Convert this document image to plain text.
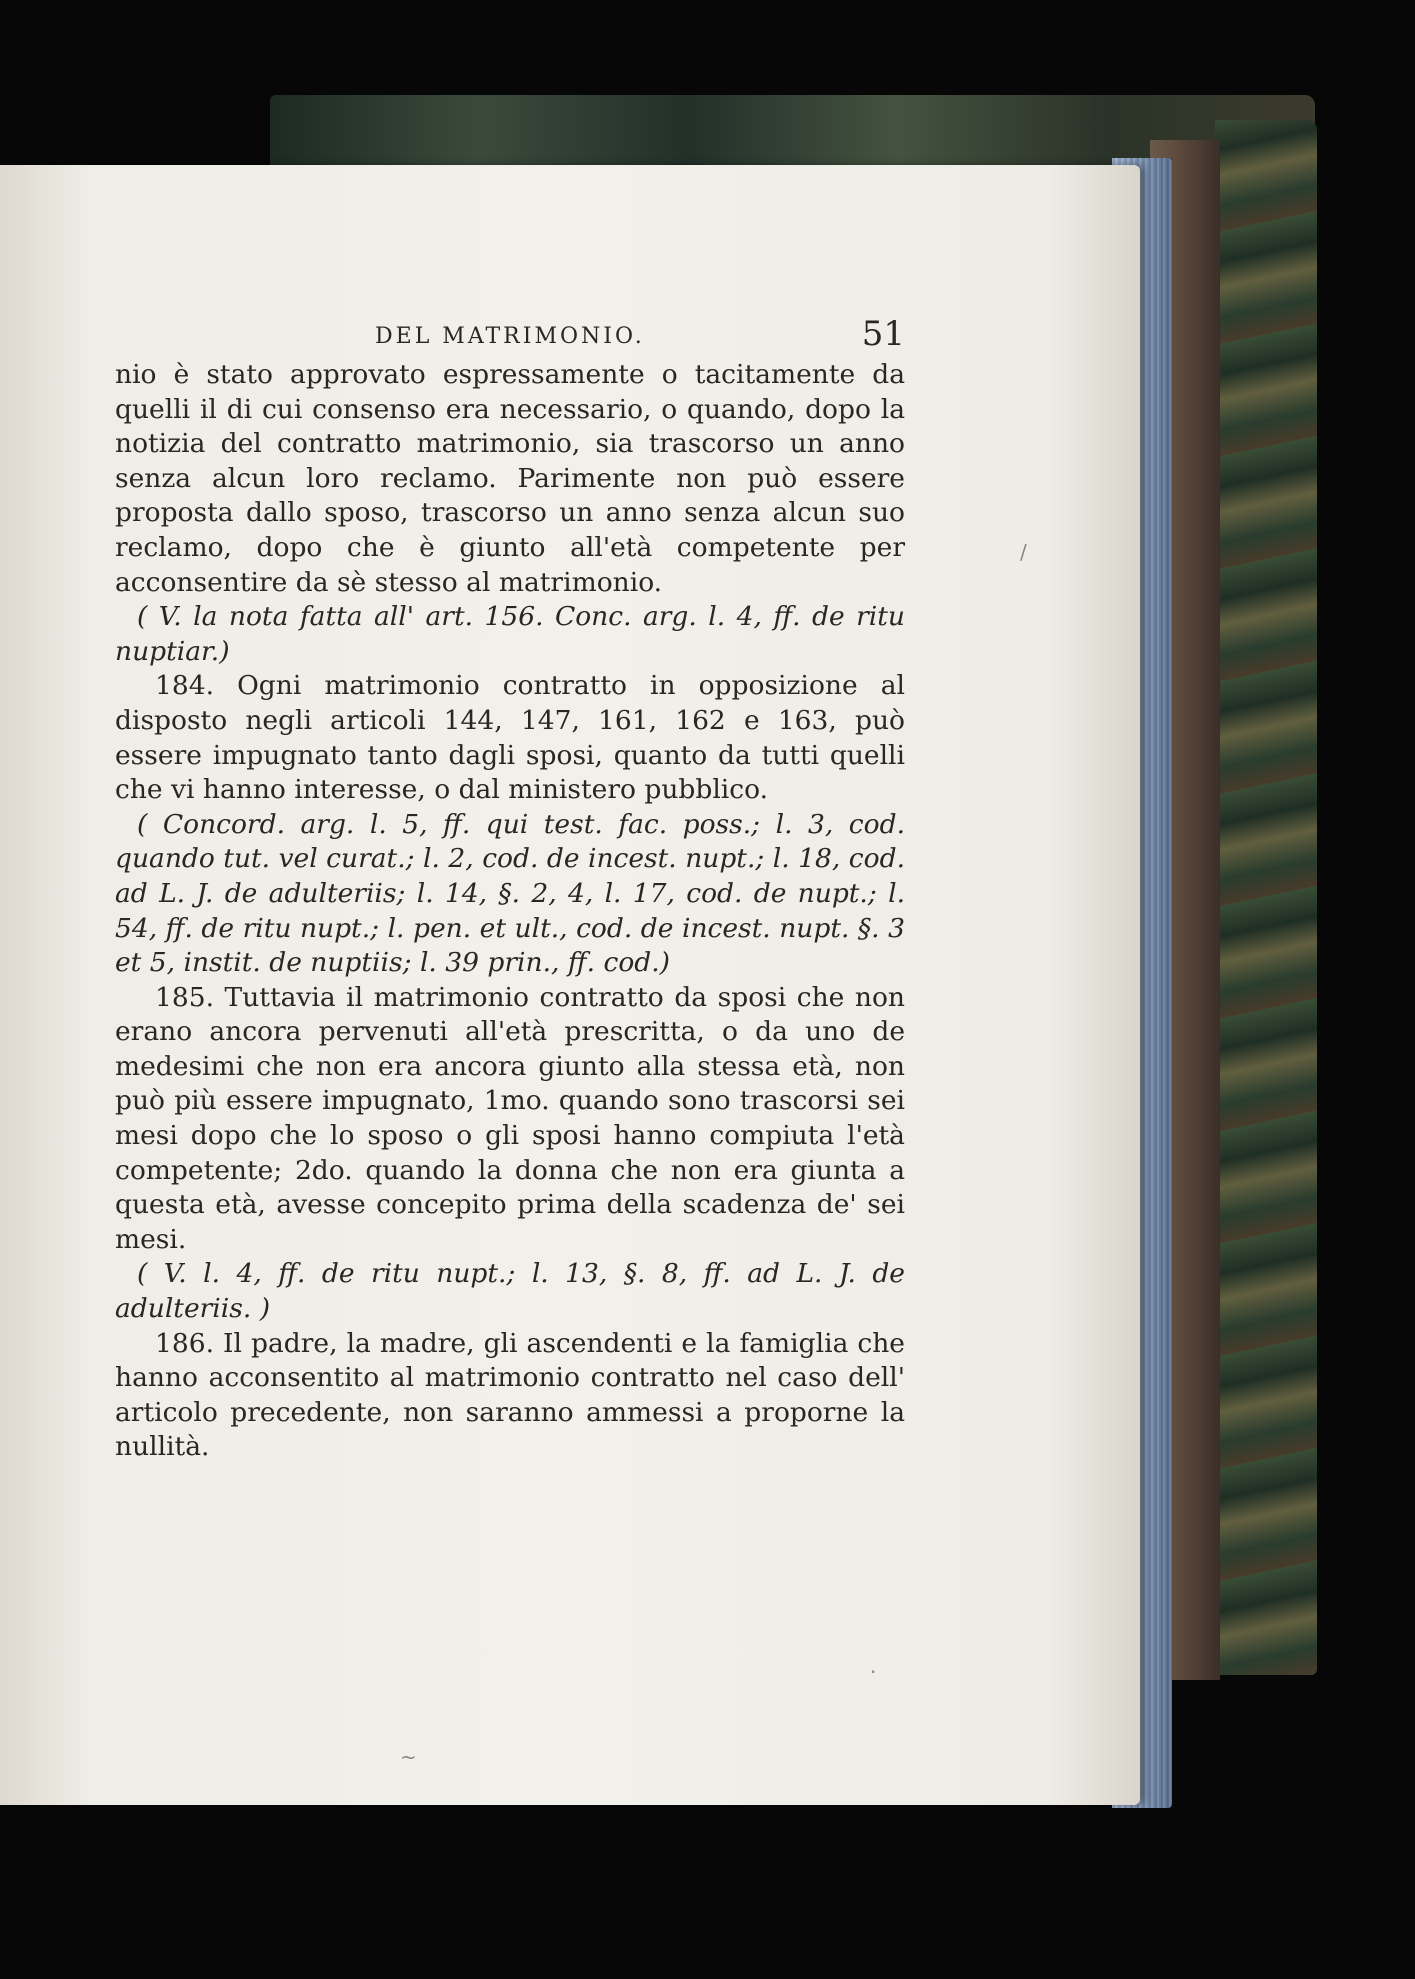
/
·
~
DEL MATRIMONIO.	51

nio è stato approvato espressamente o tacitamente da quelli il di cui consenso era necessario, o quando, dopo la notizia del contratto matrimonio, sia trascorso un anno senza alcun loro reclamo. Parimente non può essere proposta dallo sposo, trascorso un anno senza alcun suo reclamo, dopo che è giunto all'età competente per acconsentire da sè stesso al matrimonio.

( V. la nota fatta all' art. 156. Conc. arg. l. 4, ff. de ritu nuptiar.)

184. Ogni matrimonio contratto in opposizione al disposto negli articoli 144, 147, 161, 162 e 163, può essere impugnato tanto dagli sposi, quanto da tutti quelli che vi hanno interesse, o dal ministero pubblico.

( Concord. arg. l. 5, ff. qui test. fac. poss.; l. 3, cod. quando tut. vel curat.; l. 2, cod. de incest. nupt.; l. 18, cod. ad L. J. de adulteriis; l. 14, §. 2, 4, l. 17, cod. de nupt.; l. 54, ff. de ritu nupt.; l. pen. et ult., cod. de incest. nupt. §. 3 et 5, instit. de nuptiis; l. 39 prin., ff. cod.)

185. Tuttavia il matrimonio contratto da sposi che non erano ancora pervenuti all'età prescritta, o da uno de medesimi che non era ancora giunto alla stessa età, non può più essere impugnato, 1mo. quando sono trascorsi sei mesi dopo che lo sposo o gli sposi hanno compiuta l'età competente; 2do. quando la donna che non era giunta a questa età, avesse concepito prima della scadenza de' sei mesi.

( V. l. 4, ff. de ritu nupt.; l. 13, §. 8, ff. ad L. J. de adulteriis. )

186. Il padre, la madre, gli ascendenti e la famiglia che hanno acconsentito al matrimonio contratto nel caso dell' articolo precedente, non saranno ammessi a proporne la nullità.
